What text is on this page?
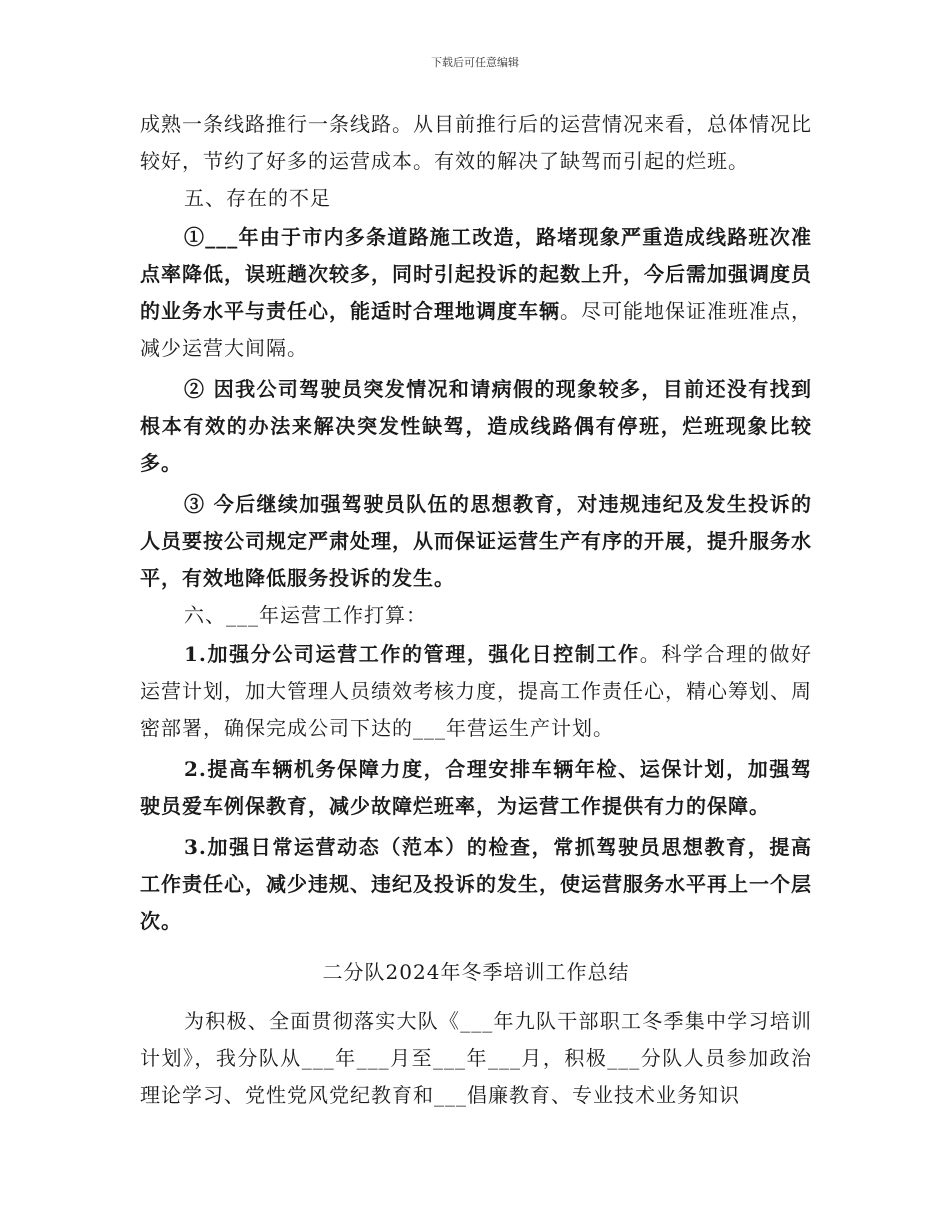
下载后可任意编辑

成熟一条线路推行一条线路。从目前推行后的运营情况来看，总体情况比较好，节约了好多的运营成本。有效的解决了缺驾而引起的烂班。

五、存在的不足

①___年由于市内多条道路施工改造，路堵现象严重造成线路班次准点率降低，误班趟次较多，同时引起投诉的起数上升，今后需加强调度员的业务水平与责任心，能适时合理地调度车辆。尽可能地保证准班准点，减少运营大间隔。

② 因我公司驾驶员突发情况和请病假的现象较多，目前还没有找到根本有效的办法来解决突发性缺驾，造成线路偶有停班，烂班现象比较多。

③ 今后继续加强驾驶员队伍的思想教育，对违规违纪及发生投诉的人员要按公司规定严肃处理，从而保证运营生产有序的开展，提升服务水平，有效地降低服务投诉的发生。

六、___年运营工作打算：

1.加强分公司运营工作的管理，强化日控制工作。科学合理的做好运营计划，加大管理人员绩效考核力度，提高工作责任心，精心筹划、周密部署，确保完成公司下达的___年营运生产计划。

2.提高车辆机务保障力度，合理安排车辆年检、运保计划，加强驾驶员爱车例保教育，减少故障烂班率，为运营工作提供有力的保障。

3.加强日常运营动态（范本）的检查，常抓驾驶员思想教育，提高工作责任心，减少违规、违纪及投诉的发生，使运营服务水平再上一个层次。

二分队2024年冬季培训工作总结

为积极、全面贯彻落实大队《___年九队干部职工冬季集中学习培训计划》，我分队从___年___月至___年___月，积极___分队人员参加政治理论学习、党性党风党纪教育和___倡廉教育、专业技术业务知识
